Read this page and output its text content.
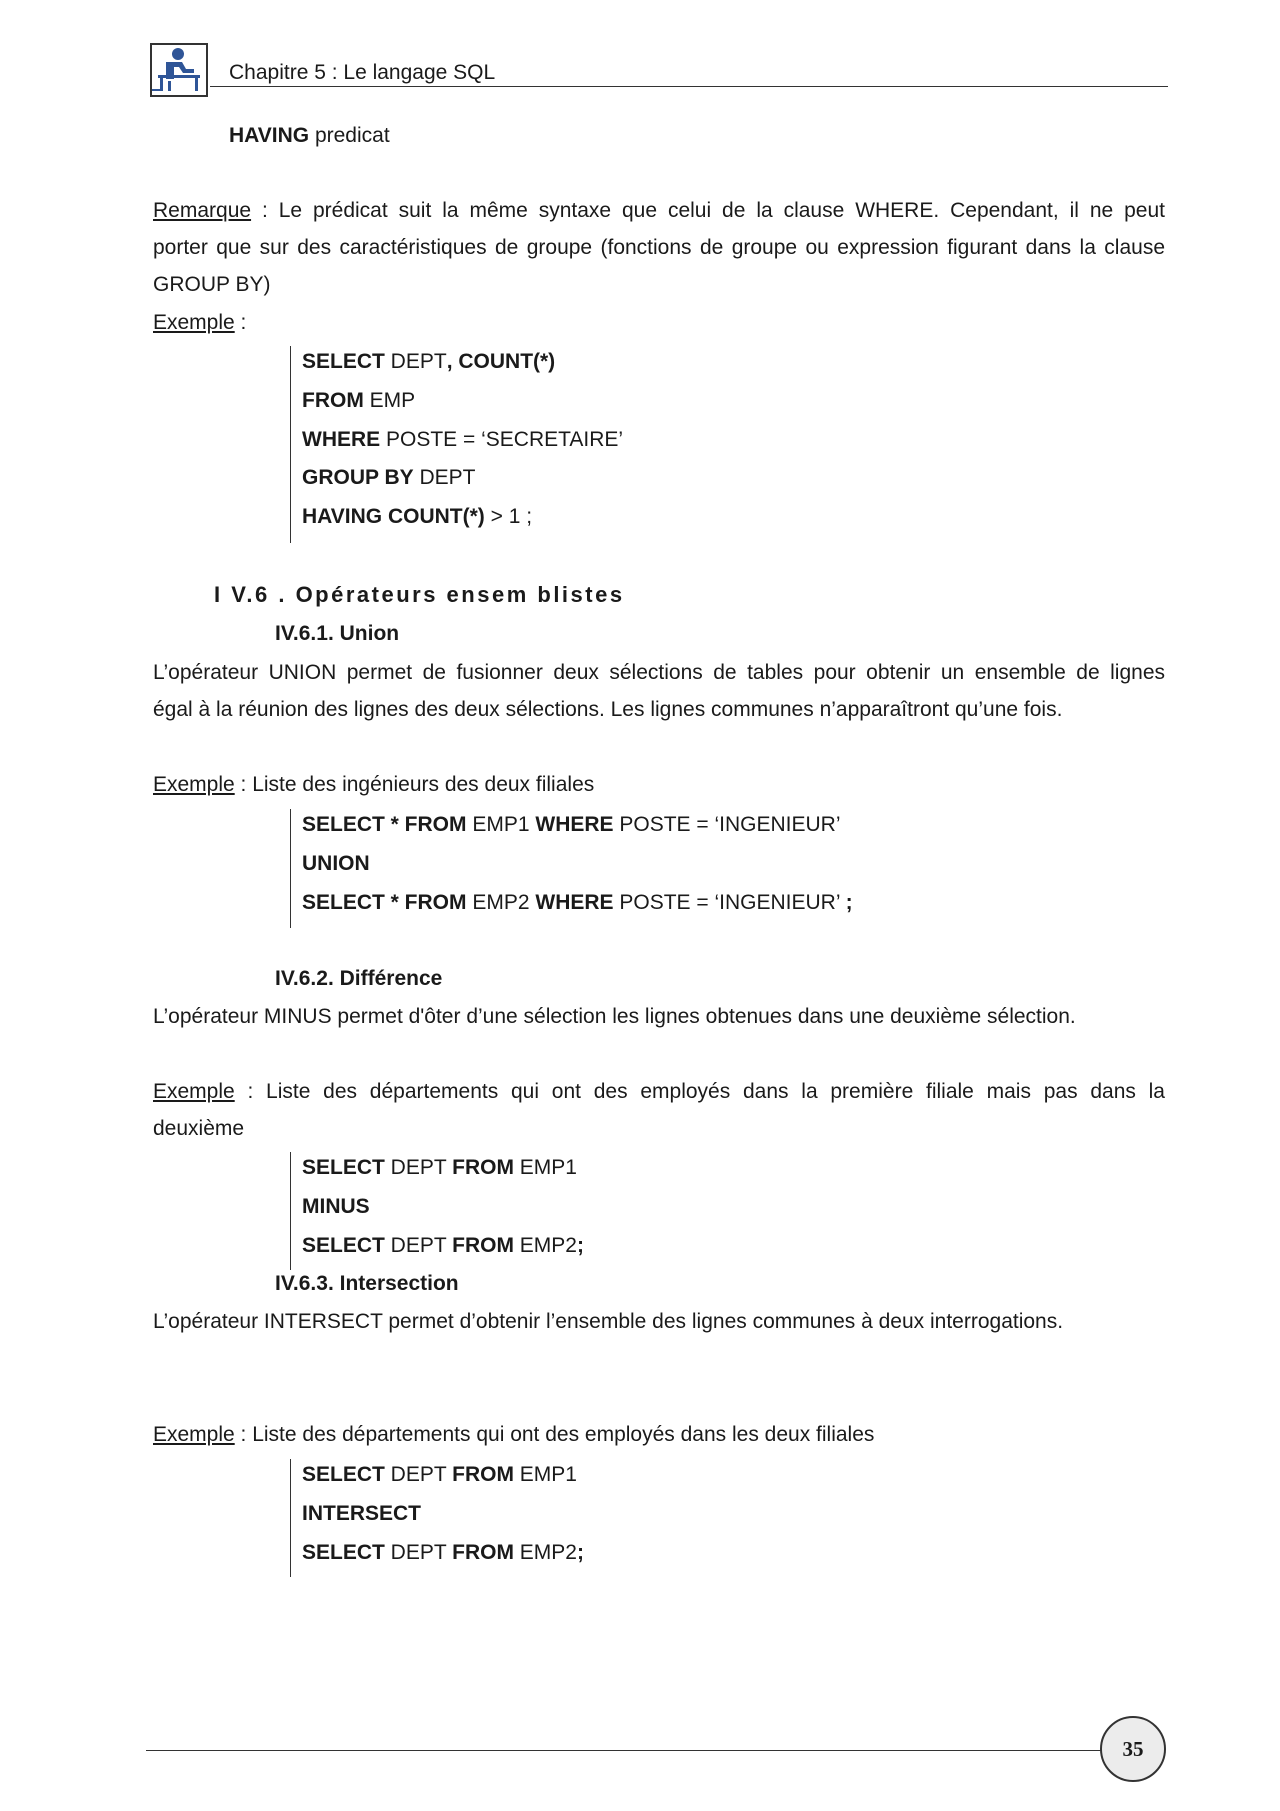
Chapitre 5 : Le langage SQL
HAVING predicat
Remarque : Le prédicat suit la même syntaxe que celui de la clause WHERE. Cependant, il ne peut
porter que sur des caractéristiques de groupe (fonctions de groupe ou expression figurant dans la clause
GROUP BY)
Exemple :
SELECT DEPT, COUNT(*)
FROM EMP
WHERE POSTE = ‘SECRETAIRE’
GROUP BY DEPT
HAVING COUNT(*) > 1 ;
I V.6 . Opérateurs ensem blistes
IV.6.1. Union
L’opérateur UNION permet de fusionner deux sélections de tables pour obtenir un ensemble de lignes
égal à la réunion des lignes des deux sélections. Les lignes communes n’apparaîtront qu’une fois.
Exemple : Liste des ingénieurs des deux filiales
SELECT * FROM EMP1 WHERE POSTE = ‘INGENIEUR’
UNION
SELECT * FROM EMP2 WHERE POSTE = ‘INGENIEUR’ ;
IV.6.2. Différence
L’opérateur MINUS permet d'ôter d’une sélection les lignes obtenues dans une deuxième sélection.
Exemple : Liste des départements qui ont des employés dans la première filiale mais pas dans la
deuxième
SELECT DEPT FROM EMP1
MINUS
SELECT DEPT FROM EMP2;
IV.6.3. Intersection
L’opérateur INTERSECT permet d’obtenir l’ensemble des lignes communes à deux interrogations.
Exemple : Liste des départements qui ont des employés dans les deux filiales
SELECT DEPT FROM EMP1
INTERSECT
SELECT DEPT FROM EMP2;
35
